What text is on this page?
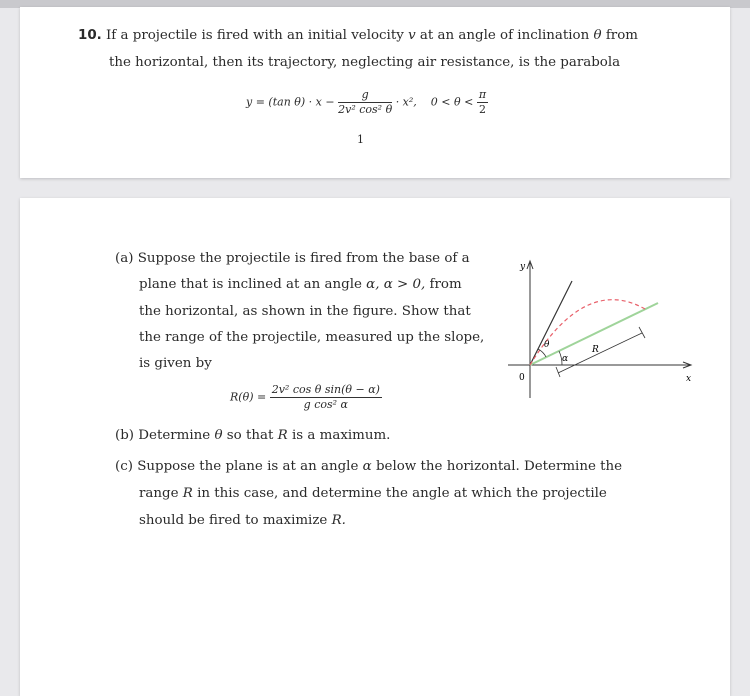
10. If a projectile is fired with an initial velocity v at an angle of inclination θ from
the horizontal, then its trajectory, neglecting air resistance, is the parabola
y = (tan $\theta) \cdot x - \frac{g}{\text{2v² cos² θ}} \cdot x^2$, $0 < \theta < \frac{\pi}{2}$
1
(a) Suppose the projectile is fired from the base of a
plane that is inclined at an angle α, α > 0, from
the horizontal, as shown in the figure. Show that
the range of the projectile, measured up the slope,
is given by
$R(\theta) = \frac{\text{2v² cos θ sin(θ − α)}}{\text{g cos² α}}$
(b) Determine θ so that R is a maximum.
(c) Suppose the plane is at an angle α below the horizontal. Determine the
range R in this case, and determine the angle at which the projectile
should be fired to maximize R.
y
x
0
θ
α
R
